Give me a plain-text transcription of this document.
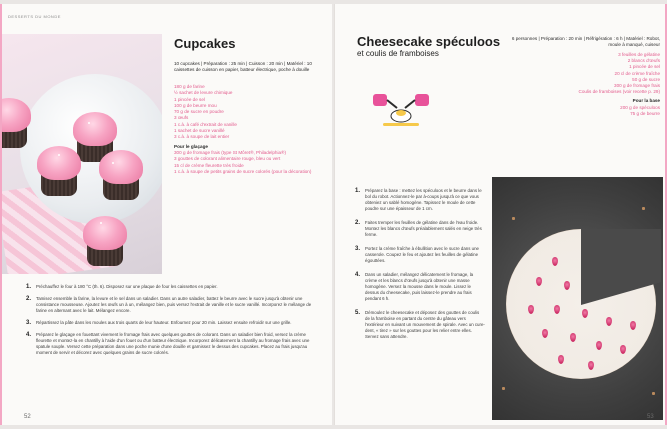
DESSERTS DU MONDE
Cupcakes
10 cupcakes | Préparation : 25 min | Cuisson : 20 min | Matériel : 10 caissettes de cuisson en papier, batteur électrique, poche à douille
180 g de farine
½ sachet de levure chimique
1 pincée de sel
100 g de beurre mou
70 g de sucre en poudre
3 œufs
1 c.à. à café d'extrait de vanille
1 sachet de sucre vanillé
3 c.à. à soupe de lait entier
Pour le glaçage
300 g de fromage frais (type St Môret®, Philadelphia®)
3 gouttes de colorant alimentaire rouge, bleu ou vert
15 cl de crème fleurette très froide
1 c.à. à soupe de petits grains de sucre colorés (pour la décoration)
1.	Préchauffez le four à 180 °C (th. 6). Disposez sur une plaque de four les caissettes en papier.
2.	Tamisez ensemble la farine, la levure et le sel dans un saladier. Dans un autre saladier, battez le beurre avec le sucre jusqu'à obtenir une consistance mousseuse. Ajoutez les œufs un à un, mélangez bien, puis versez l'extrait de vanille et le sucre vanillé. Incorporez le mélange de farine en alternant avec le lait. Mélangez encore.
3.	Répartissez la pâte dans les moules aux trois quarts de leur hauteur. Enfournez pour 20 min. Laissez ensuite refroidir sur une grille.
4.	Préparez le glaçage en fouettant vivement le fromage frais avec quelques gouttes de colorant. Dans un saladier bien froid, versez la crème fleurette et montez-la en chantilly à l'aide d'un fouet ou d'un batteur électrique. Incorporez délicatement la chantilly au fromage frais avec une spatule souple. Versez cette préparation dans une poche munie d'une douille et garnissez le dessus des cupcakes. Placez au frais jusqu'au moment de servir et décorez avec quelques grains de sucre colorés.
52
Cheesecake spéculoos
et coulis de framboises
6 personnes | Préparation : 20 min | Réfrigération : 6 h | Matériel : Robot, moule à manqué, cuiseur
3 feuilles de gélatine
2 blancs d'œufs
1 pincée de sel
20 cl de crème fraîche
50 g de sucre
300 g de fromage frais
Coulis de framboises (voir recette p. 29)
Pour la base
200 g de spéculoos
75 g de beurre
1.	Préparez la base : mettez les spéculoos et le beurre dans le bol du robot. Actionnez-le par à-coups jusqu'à ce que vous obteniez un sablé homogène. Tapissez le moule de cette poudre sur une épaisseur de 1 cm.
2.	Faites tremper les feuilles de gélatine dans de l'eau froide. Montez les blancs d'œufs préalablement salés en neige très ferme.
3.	Portez la crème fraîche à ébullition avec le sucre dans une casserole. Coupez le feu et ajoutez les feuilles de gélatine égouttées.
4.	Dans un saladier, mélangez délicatement le fromage, la crème et les blancs d'œufs jusqu'à obtenir une masse homogène. Versez la mousse dans le moule. Lissez le dessus du cheesecake, puis laissez-le prendre au frais pendant 6 h.
5.	Démoulez le cheesecake et déposez des gouttes de coulis de la framboise en partant du centre du gâteau vers l'extérieur en suivant un mouvement de spirale. Avec un cure-dent, « tirez » sur les gouttes pour les relier entre elles. Servez sans attendre.
53
